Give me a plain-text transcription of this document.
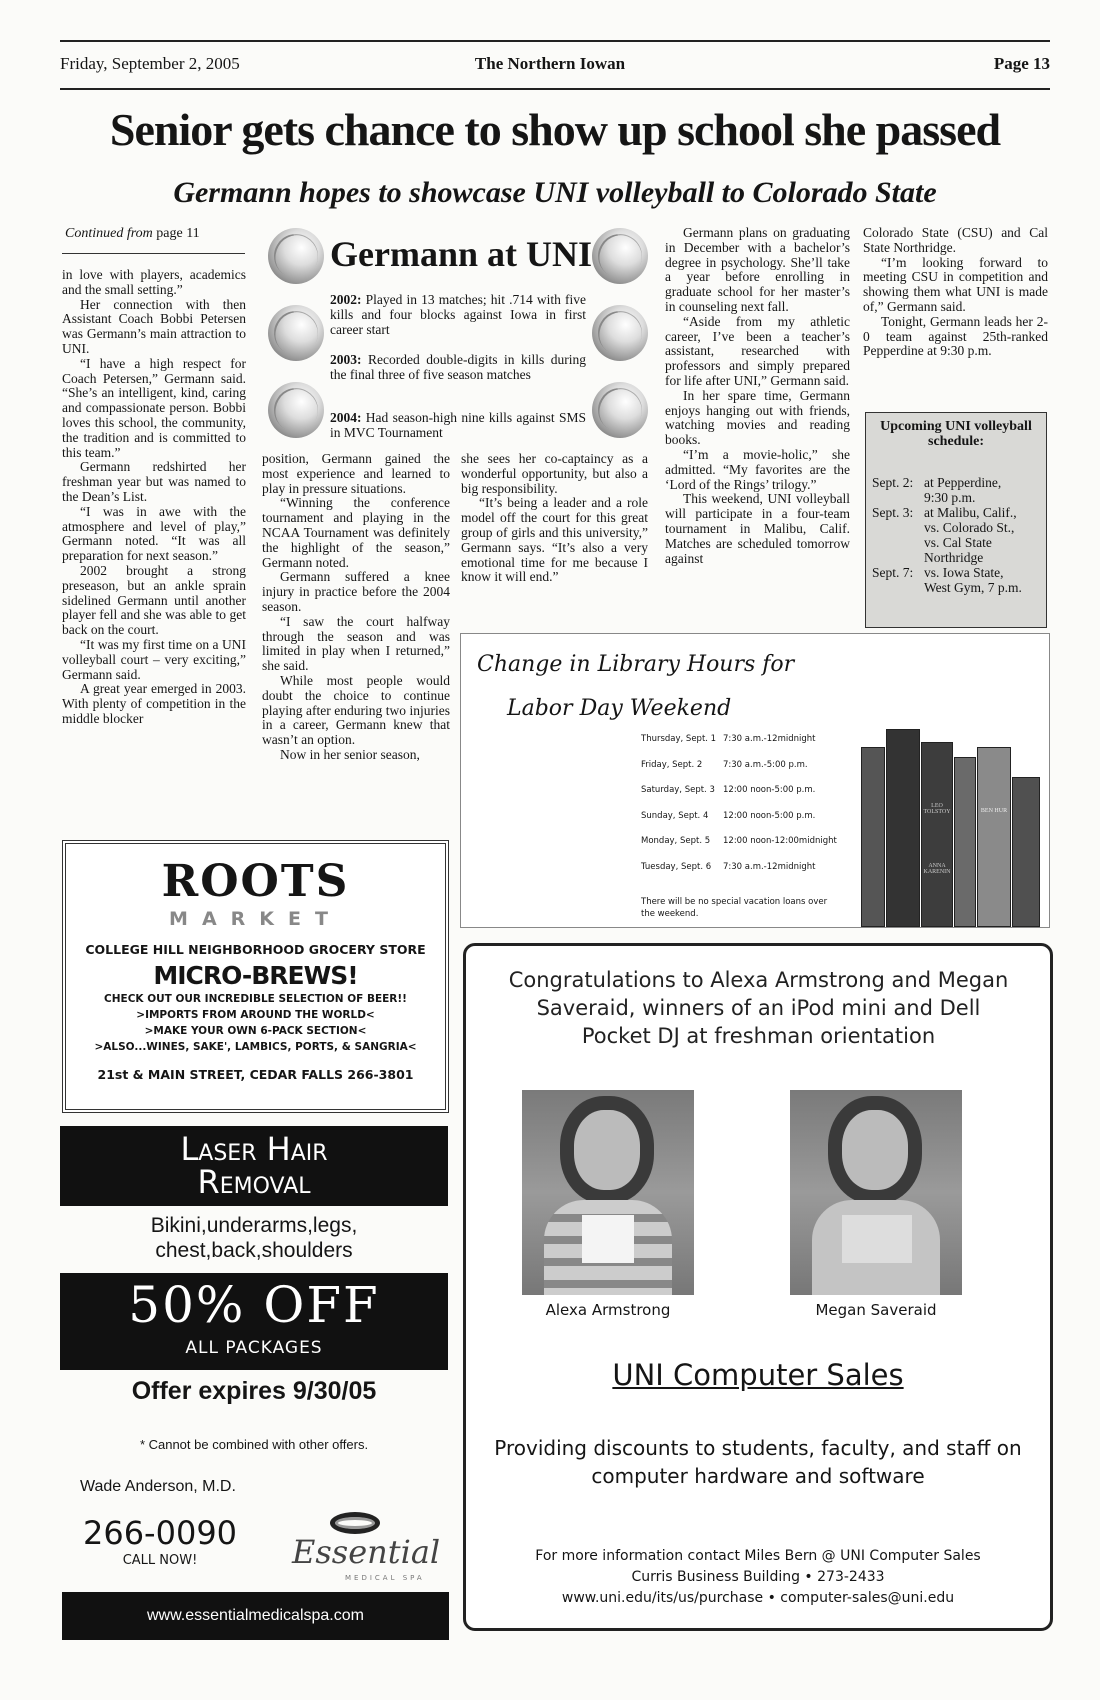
Friday, September 2, 2005	The Northern Iowan	Page 13
Senior gets chance to show up school she passed
Germann hopes to showcase UNI volleyball to Colorado State
Continued from page 11

in love with players, academics and the small setting.”

Her connection with then Assistant Coach Bobbi Petersen was Germann’s main attraction to UNI.

“I have a high respect for Coach Petersen,” Germann said. “She’s an intelligent, kind, caring and compassionate person. Bobbi loves this school, the community, the tradition and is committed to this team.”

Germann redshirted her freshman year but was named to the Dean’s List.

“I was in awe with the atmosphere and level of play,” Germann noted. “It was all preparation for next season.”

2002 brought a strong preseason, but an ankle sprain sidelined Germann until another player fell and she was able to get back on the court.

“It was my first time on a UNI volleyball court – very exciting,” Germann said.

A great year emerged in 2003. With plenty of competition in the middle blocker

position, Germann gained the most experience and learned to play in pressure situations.

“Winning the conference tournament and playing in the NCAA Tournament was definitely the highlight of the season,” Germann noted.

Germann suffered a knee injury in practice before the 2004 season.

“I saw the court halfway through the season and was limited in play when I returned,” she said.

While most people would doubt the choice to continue playing after enduring two injuries in a career, Germann knew that wasn’t an option.

Now in her senior season,

she sees her co-captaincy as a wonderful opportunity, but also a big responsibility.

“It’s being a leader and a role model off the court for this great group of girls and this university,” Germann says. “It’s also a very emotional time for me because I know it will end.”

Germann plans on graduating in December with a bachelor’s degree in psychology. She’ll take a year before enrolling in graduate school for her master’s in counseling next fall.

“Aside from my athletic career, I’ve been a teacher’s assistant, researched with professors and simply prepared for life after UNI,” Germann said.

In her spare time, Germann enjoys hanging out with friends, watching movies and reading books.

“I’m a movie-holic,” she admitted. “My favorites are the ‘Lord of the Rings’ trilogy.”

This weekend, UNI volleyball will participate in a four-team tournament in Malibu, Calif. Matches are scheduled tomorrow against

Colorado State (CSU) and Cal State Northridge.

“I’m looking forward to meeting CSU in competition and showing them what UNI is made of,” Germann said.

Tonight, Germann leads her 2-0 team against 25th-ranked Pepperdine at 9:30 p.m.

Germann at UNI
2002: Played in 13 matches; hit .714 with five kills and four blocks against Iowa in first career start
2003: Recorded double-digits in kills during the final three of five season matches
2004: Had season-high nine kills against SMS in MVC Tournament	Upcoming UNI volleyball schedule:
Sept. 2: at Pepperdine,
9:30 p.m.
Sept. 3: at Malibu, Calif.,
vs. Colorado St.,
vs. Cal State
Northridge
Sept. 7: vs. Iowa State,
West Gym, 7 p.m.
Change in Library Hours for
Labor Day Weekend
Thursday, Sept. 1 7:30 a.m.-12midnight
Friday, Sept. 2	7:30 a.m.-5:00 p.m.
Saturday, Sept. 3 12:00 noon-5:00 p.m.
Sunday, Sept. 4	12:00 noon-5:00 p.m.
Monday, Sept. 5	12:00 noon-12:00midnight
Tuesday, Sept. 6	7:30 a.m.-12midnight
There will be no special vacation loans over the weekend.
LEO TOLSTOY

ANNA KARENIN
BEN HUR
ROOTS
MARKET
COLLEGE HILL NEIGHBORHOOD GROCERY STORE
MICRO-BREWS!
CHECK OUT OUR INCREDIBLE SELECTION OF BEER!!
>IMPORTS FROM AROUND THE WORLD<
>MAKE YOUR OWN 6-PACK SECTION<
>ALSO...WINES, SAKE', LAMBICS, PORTS, & SANGRIA<
21st & MAIN STREET, CEDAR FALLS 266-3801
Laser Hair
Removal
Bikini,underarms,legs,
chest,back,shoulders
50% OFF
ALL PACKAGES
Offer expires 9/30/05
* Cannot be combined with other offers.
Wade Anderson, M.D.
266-0090
CALL NOW!	Essential
MEDICAL SPA
www.essentialmedicalspa.com
Congratulations to Alexa Armstrong and Megan Saveraid, winners of an iPod mini and Dell Pocket DJ at freshman orientation
Alexa Armstrong	Megan Saveraid
UNI Computer Sales
Providing discounts to students, faculty, and staff on computer hardware and software
For more information contact Miles Bern @ UNI Computer Sales
Curris Business Building • 273-2433
www.uni.edu/its/us/purchase • computer-sales@uni.edu
